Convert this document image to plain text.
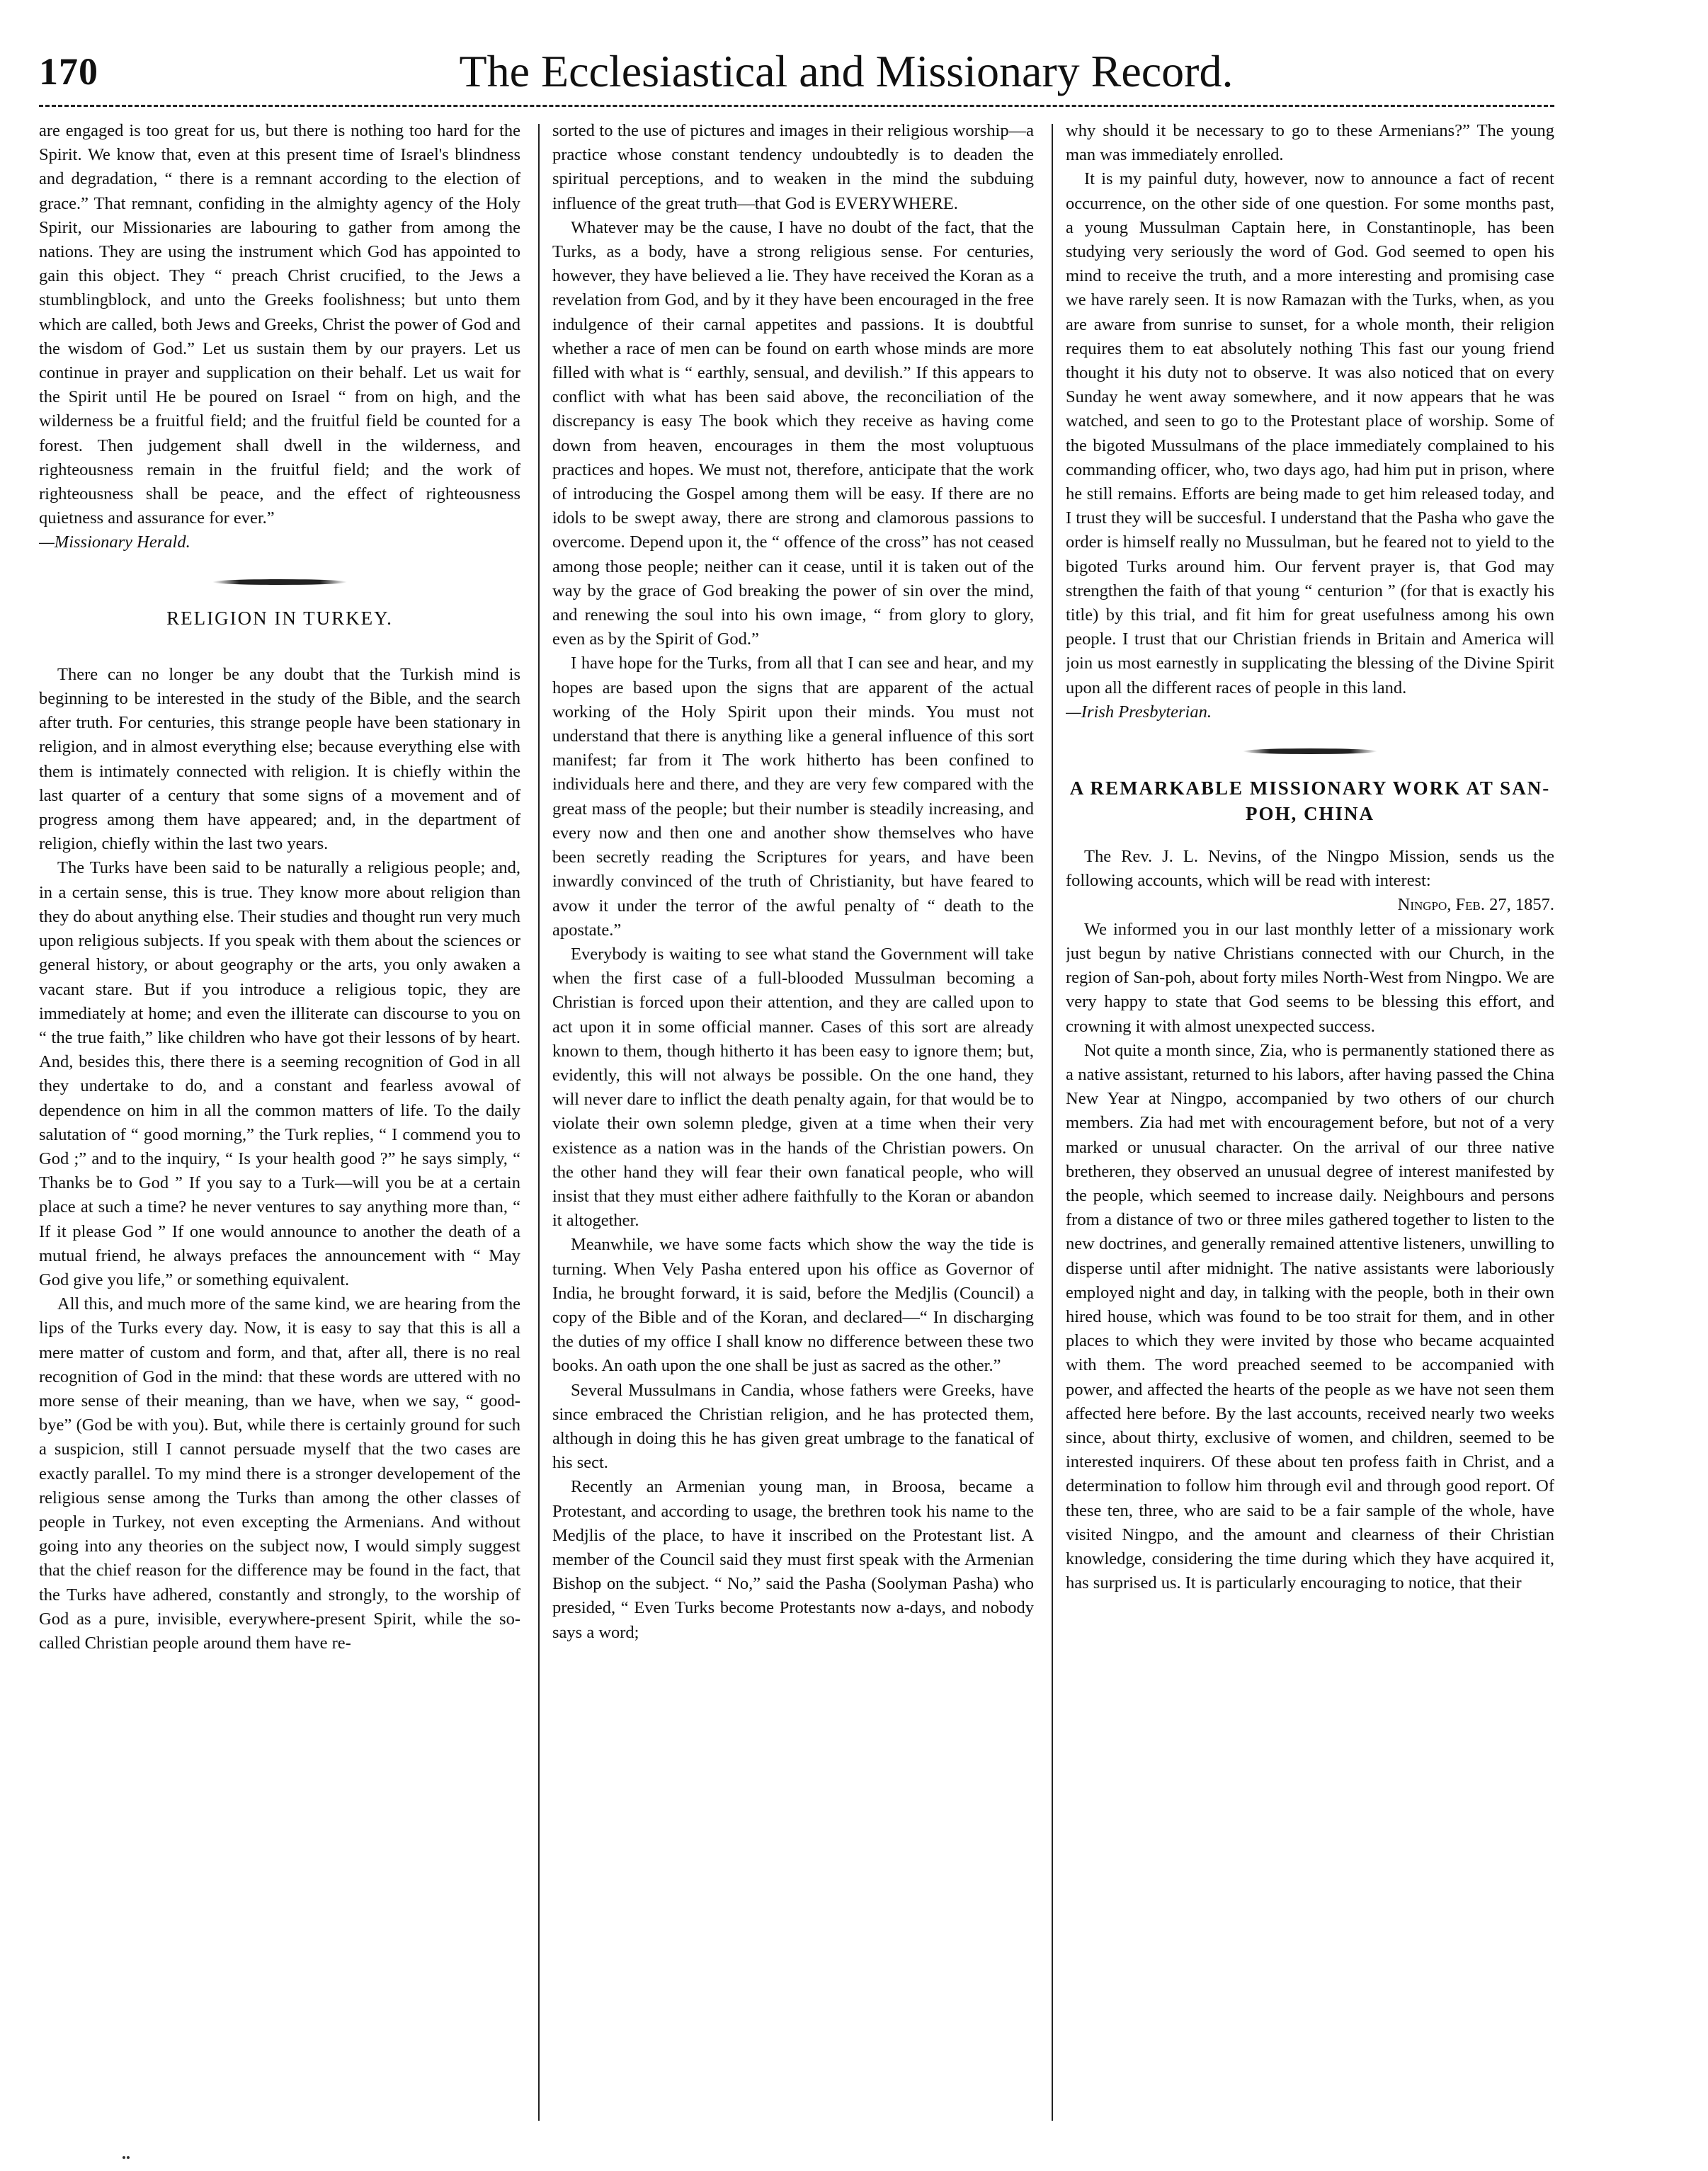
170	The Ecclesiastical and Missionary Record.

are engaged is too great for us, but there is nothing too hard for the Spirit. We know that, even at this present time of Israel's blindness and degradation, “ there is a remnant according to the election of grace.” That remnant, confiding in the almighty agency of the Holy Spirit, our Missionaries are labouring to gather from among the nations. They are using the instrument which God has appointed to gain this object. They “ preach Christ crucified, to the Jews a stumblingblock, and unto the Greeks foolishness; but unto them which are called, both Jews and Greeks, Christ the power of God and the wisdom of God.” Let us sustain them by our prayers. Let us continue in prayer and supplication on their behalf. Let us wait for the Spirit until He be poured on Israel “ from on high, and the wilderness be a fruitful field; and the fruitful field be counted for a forest. Then judgement shall dwell in the wilderness, and righteousness remain in the fruitful field; and the work of righteousness shall be peace, and the effect of righteousness quietness and assurance for ever.”

—Missionary Herald.

RELIGION IN TURKEY.

There can no longer be any doubt that the Turkish mind is beginning to be interested in the study of the Bible, and the search after truth. For centuries, this strange people have been stationary in religion, and in almost everything else; because everything else with them is intimately connected with religion. It is chiefly within the last quarter of a century that some signs of a movement and of progress among them have appeared; and, in the department of religion, chiefly within the last two years.

The Turks have been said to be naturally a religious people; and, in a certain sense, this is true. They know more about religion than they do about anything else. Their studies and thought run very much upon religious subjects. If you speak with them about the sciences or general history, or about geography or the arts, you only awaken a vacant stare. But if you introduce a religious topic, they are immediately at home; and even the illiterate can discourse to you on “ the true faith,” like children who have got their lessons of by heart. And, besides this, there there is a seeming recognition of God in all they undertake to do, and a constant and fearless avowal of dependence on him in all the common matters of life. To the daily salutation of “ good morning,” the Turk replies, “ I commend you to God ;” and to the inquiry, “ Is your health good ?” he says simply, “ Thanks be to God ” If you say to a Turk—will you be at a certain place at such a time? he never ventures to say anything more than, “ If it please God ” If one would announce to another the death of a mutual friend, he always prefaces the announcement with “ May God give you life,” or something equivalent.

All this, and much more of the same kind, we are hearing from the lips of the Turks every day. Now, it is easy to say that this is all a mere matter of custom and form, and that, after all, there is no real recognition of God in the mind: that these words are uttered with no more sense of their meaning, than we have, when we say, “ good-bye” (God be with you). But, while there is certainly ground for such a suspicion, still I cannot persuade myself that the two cases are exactly parallel. To my mind there is a stronger developement of the religious sense among the Turks than among the other classes of people in Turkey, not even excepting the Armenians. And without going into any theories on the subject now, I would simply suggest that the chief reason for the difference may be found in the fact, that the Turks have adhered, constantly and strongly, to the worship of God as a pure, invisible, everywhere-present Spirit, while the so-called Christian people around them have re-

sorted to the use of pictures and images in their religious worship—a practice whose constant tendency undoubtedly is to deaden the spiritual perceptions, and to weaken in the mind the subduing influence of the great truth—that God is EVERYWHERE.

Whatever may be the cause, I have no doubt of the fact, that the Turks, as a body, have a strong religious sense. For centuries, however, they have believed a lie. They have received the Koran as a revelation from God, and by it they have been encouraged in the free indulgence of their carnal appetites and passions. It is doubtful whether a race of men can be found on earth whose minds are more filled with what is “ earthly, sensual, and devilish.” If this appears to conflict with what has been said above, the reconciliation of the discrepancy is easy The book which they receive as having come down from heaven, encourages in them the most voluptuous practices and hopes. We must not, therefore, anticipate that the work of introducing the Gospel among them will be easy. If there are no idols to be swept away, there are strong and clamorous passions to overcome. Depend upon it, the “ offence of the cross” has not ceased among those people; neither can it cease, until it is taken out of the way by the grace of God breaking the power of sin over the mind, and renewing the soul into his own image, “ from glory to glory, even as by the Spirit of God.”

I have hope for the Turks, from all that I can see and hear, and my hopes are based upon the signs that are apparent of the actual working of the Holy Spirit upon their minds. You must not understand that there is anything like a general influence of this sort manifest; far from it The work hitherto has been confined to individuals here and there, and they are very few compared with the great mass of the people; but their number is steadily increasing, and every now and then one and another show themselves who have been secretly reading the Scriptures for years, and have been inwardly convinced of the truth of Christianity, but have feared to avow it under the terror of the awful penalty of “ death to the apostate.”

Everybody is waiting to see what stand the Government will take when the first case of a full-blooded Mussulman becoming a Christian is forced upon their attention, and they are called upon to act upon it in some official manner. Cases of this sort are already known to them, though hitherto it has been easy to ignore them; but, evidently, this will not always be possible. On the one hand, they will never dare to inflict the death penalty again, for that would be to violate their own solemn pledge, given at a time when their very existence as a nation was in the hands of the Christian powers. On the other hand they will fear their own fanatical people, who will insist that they must either adhere faithfully to the Koran or abandon it altogether.

Meanwhile, we have some facts which show the way the tide is turning. When Vely Pasha entered upon his office as Governor of India, he brought forward, it is said, before the Medjlis (Council) a copy of the Bible and of the Koran, and declared—“ In discharging the duties of my office I shall know no difference between these two books. An oath upon the one shall be just as sacred as the other.”

Several Mussulmans in Candia, whose fathers were Greeks, have since embraced the Christian religion, and he has protected them, although in doing this he has given great umbrage to the fanatical of his sect.

Recently an Armenian young man, in Broosa, became a Protestant, and according to usage, the brethren took his name to the Medjlis of the place, to have it inscribed on the Protestant list. A member of the Council said they must first speak with the Armenian Bishop on the subject. “ No,” said the Pasha (Soolyman Pasha) who presided, “ Even Turks become Protestants now a-days, and nobody says a word;

why should it be necessary to go to these Armenians?” The young man was immediately enrolled.

It is my painful duty, however, now to announce a fact of recent occurrence, on the other side of one question. For some months past, a young Mussulman Captain here, in Constantinople, has been studying very seriously the word of God. God seemed to open his mind to receive the truth, and a more interesting and promising case we have rarely seen. It is now Ramazan with the Turks, when, as you are aware from sunrise to sunset, for a whole month, their religion requires them to eat absolutely nothing This fast our young friend thought it his duty not to observe. It was also noticed that on every Sunday he went away somewhere, and it now appears that he was watched, and seen to go to the Protestant place of worship. Some of the bigoted Mussulmans of the place immediately complained to his commanding officer, who, two days ago, had him put in prison, where he still remains. Efforts are being made to get him released today, and I trust they will be succesful. I understand that the Pasha who gave the order is himself really no Mussulman, but he feared not to yield to the bigoted Turks around him. Our fervent prayer is, that God may strengthen the faith of that young “ centurion ” (for that is exactly his title) by this trial, and fit him for great usefulness among his own people. I trust that our Christian friends in Britain and America will join us most earnestly in supplicating the blessing of the Divine Spirit upon all the different races of people in this land.

—Irish Presbyterian.

A REMARKABLE MISSIONARY WORK AT SAN-POH, CHINA

The Rev. J. L. Nevins, of the Ningpo Mission, sends us the following accounts, which will be read with interest:

Ningpo, Feb. 27, 1857.

We informed you in our last monthly letter of a missionary work just begun by native Christians connected with our Church, in the region of San-poh, about forty miles North-West from Ningpo. We are very happy to state that God seems to be blessing this effort, and crowning it with almost unexpected success.

Not quite a month since, Zia, who is permanently stationed there as a native assistant, returned to his labors, after having passed the China New Year at Ningpo, accompanied by two others of our church members. Zia had met with encouragement before, but not of a very marked or unusual character. On the arrival of our three native bretheren, they observed an unusual degree of interest manifested by the people, which seemed to increase daily. Neighbours and persons from a distance of two or three miles gathered together to listen to the new doctrines, and generally remained attentive listeners, unwilling to disperse until after midnight. The native assistants were laboriously employed night and day, in talking with the people, both in their own hired house, which was found to be too strait for them, and in other places to which they were invited by those who became acquainted with them. The word preached seemed to be accompanied with power, and affected the hearts of the people as we have not seen them affected here before. By the last accounts, received nearly two weeks since, about thirty, exclusive of women, and children, seemed to be interested inquirers. Of these about ten profess faith in Christ, and a determination to follow him through evil and through good report. Of these ten, three, who are said to be a fair sample of the whole, have visited Ningpo, and the amount and clearness of their Christian knowledge, considering the time during which they have acquired it, has surprised us. It is particularly encouraging to notice, that their
